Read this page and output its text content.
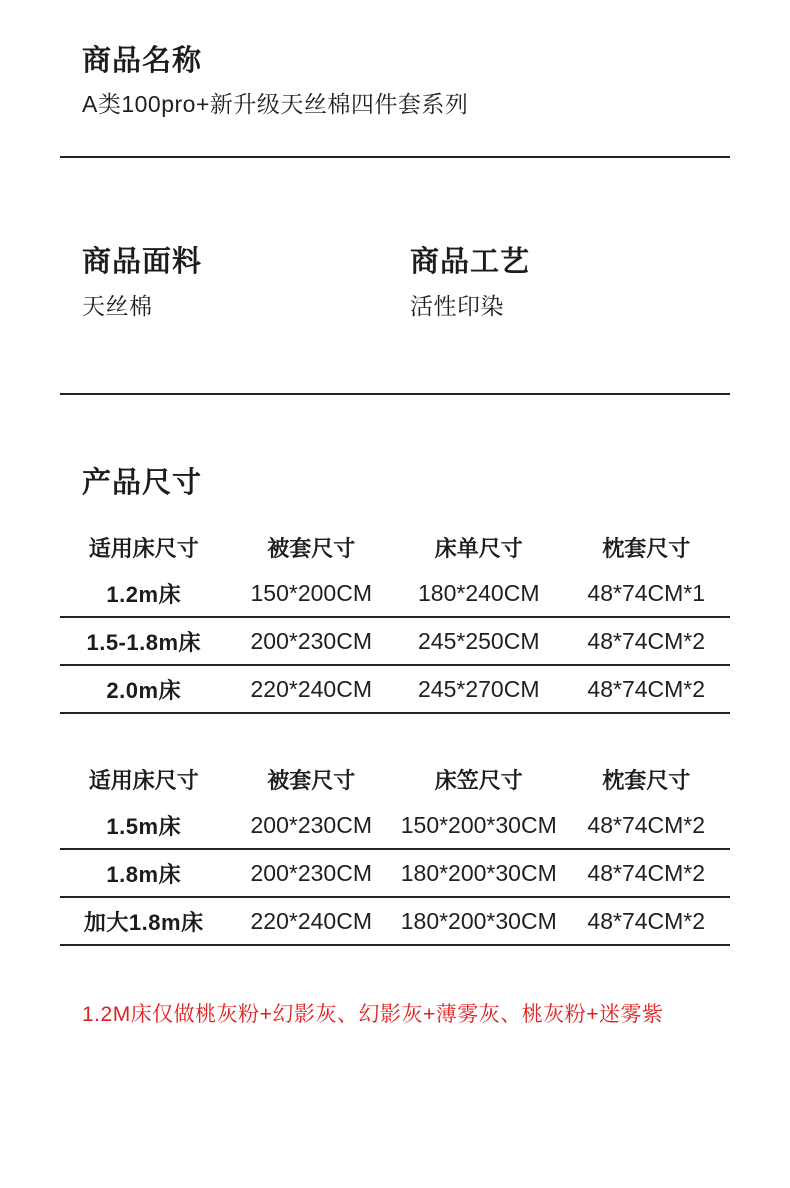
商品名称
A类100pro+新升级天丝棉四件套系列
商品面料
天丝棉
商品工艺
活性印染
产品尺寸
适用床尺寸	被套尺寸	床单尺寸	枕套尺寸
1.2m床	150*200CM	180*240CM	48*74CM*1
1.5-1.8m床	200*230CM	245*250CM	48*74CM*2
2.0m床	220*240CM	245*270CM	48*74CM*2
适用床尺寸	被套尺寸	床笠尺寸	枕套尺寸
1.5m床	200*230CM	150*200*30CM	48*74CM*2
1.8m床	200*230CM	180*200*30CM	48*74CM*2
加大1.8m床	220*240CM	180*200*30CM	48*74CM*2
1.2M床仅做桃灰粉+幻影灰、幻影灰+薄雾灰、桃灰粉+迷雾紫
